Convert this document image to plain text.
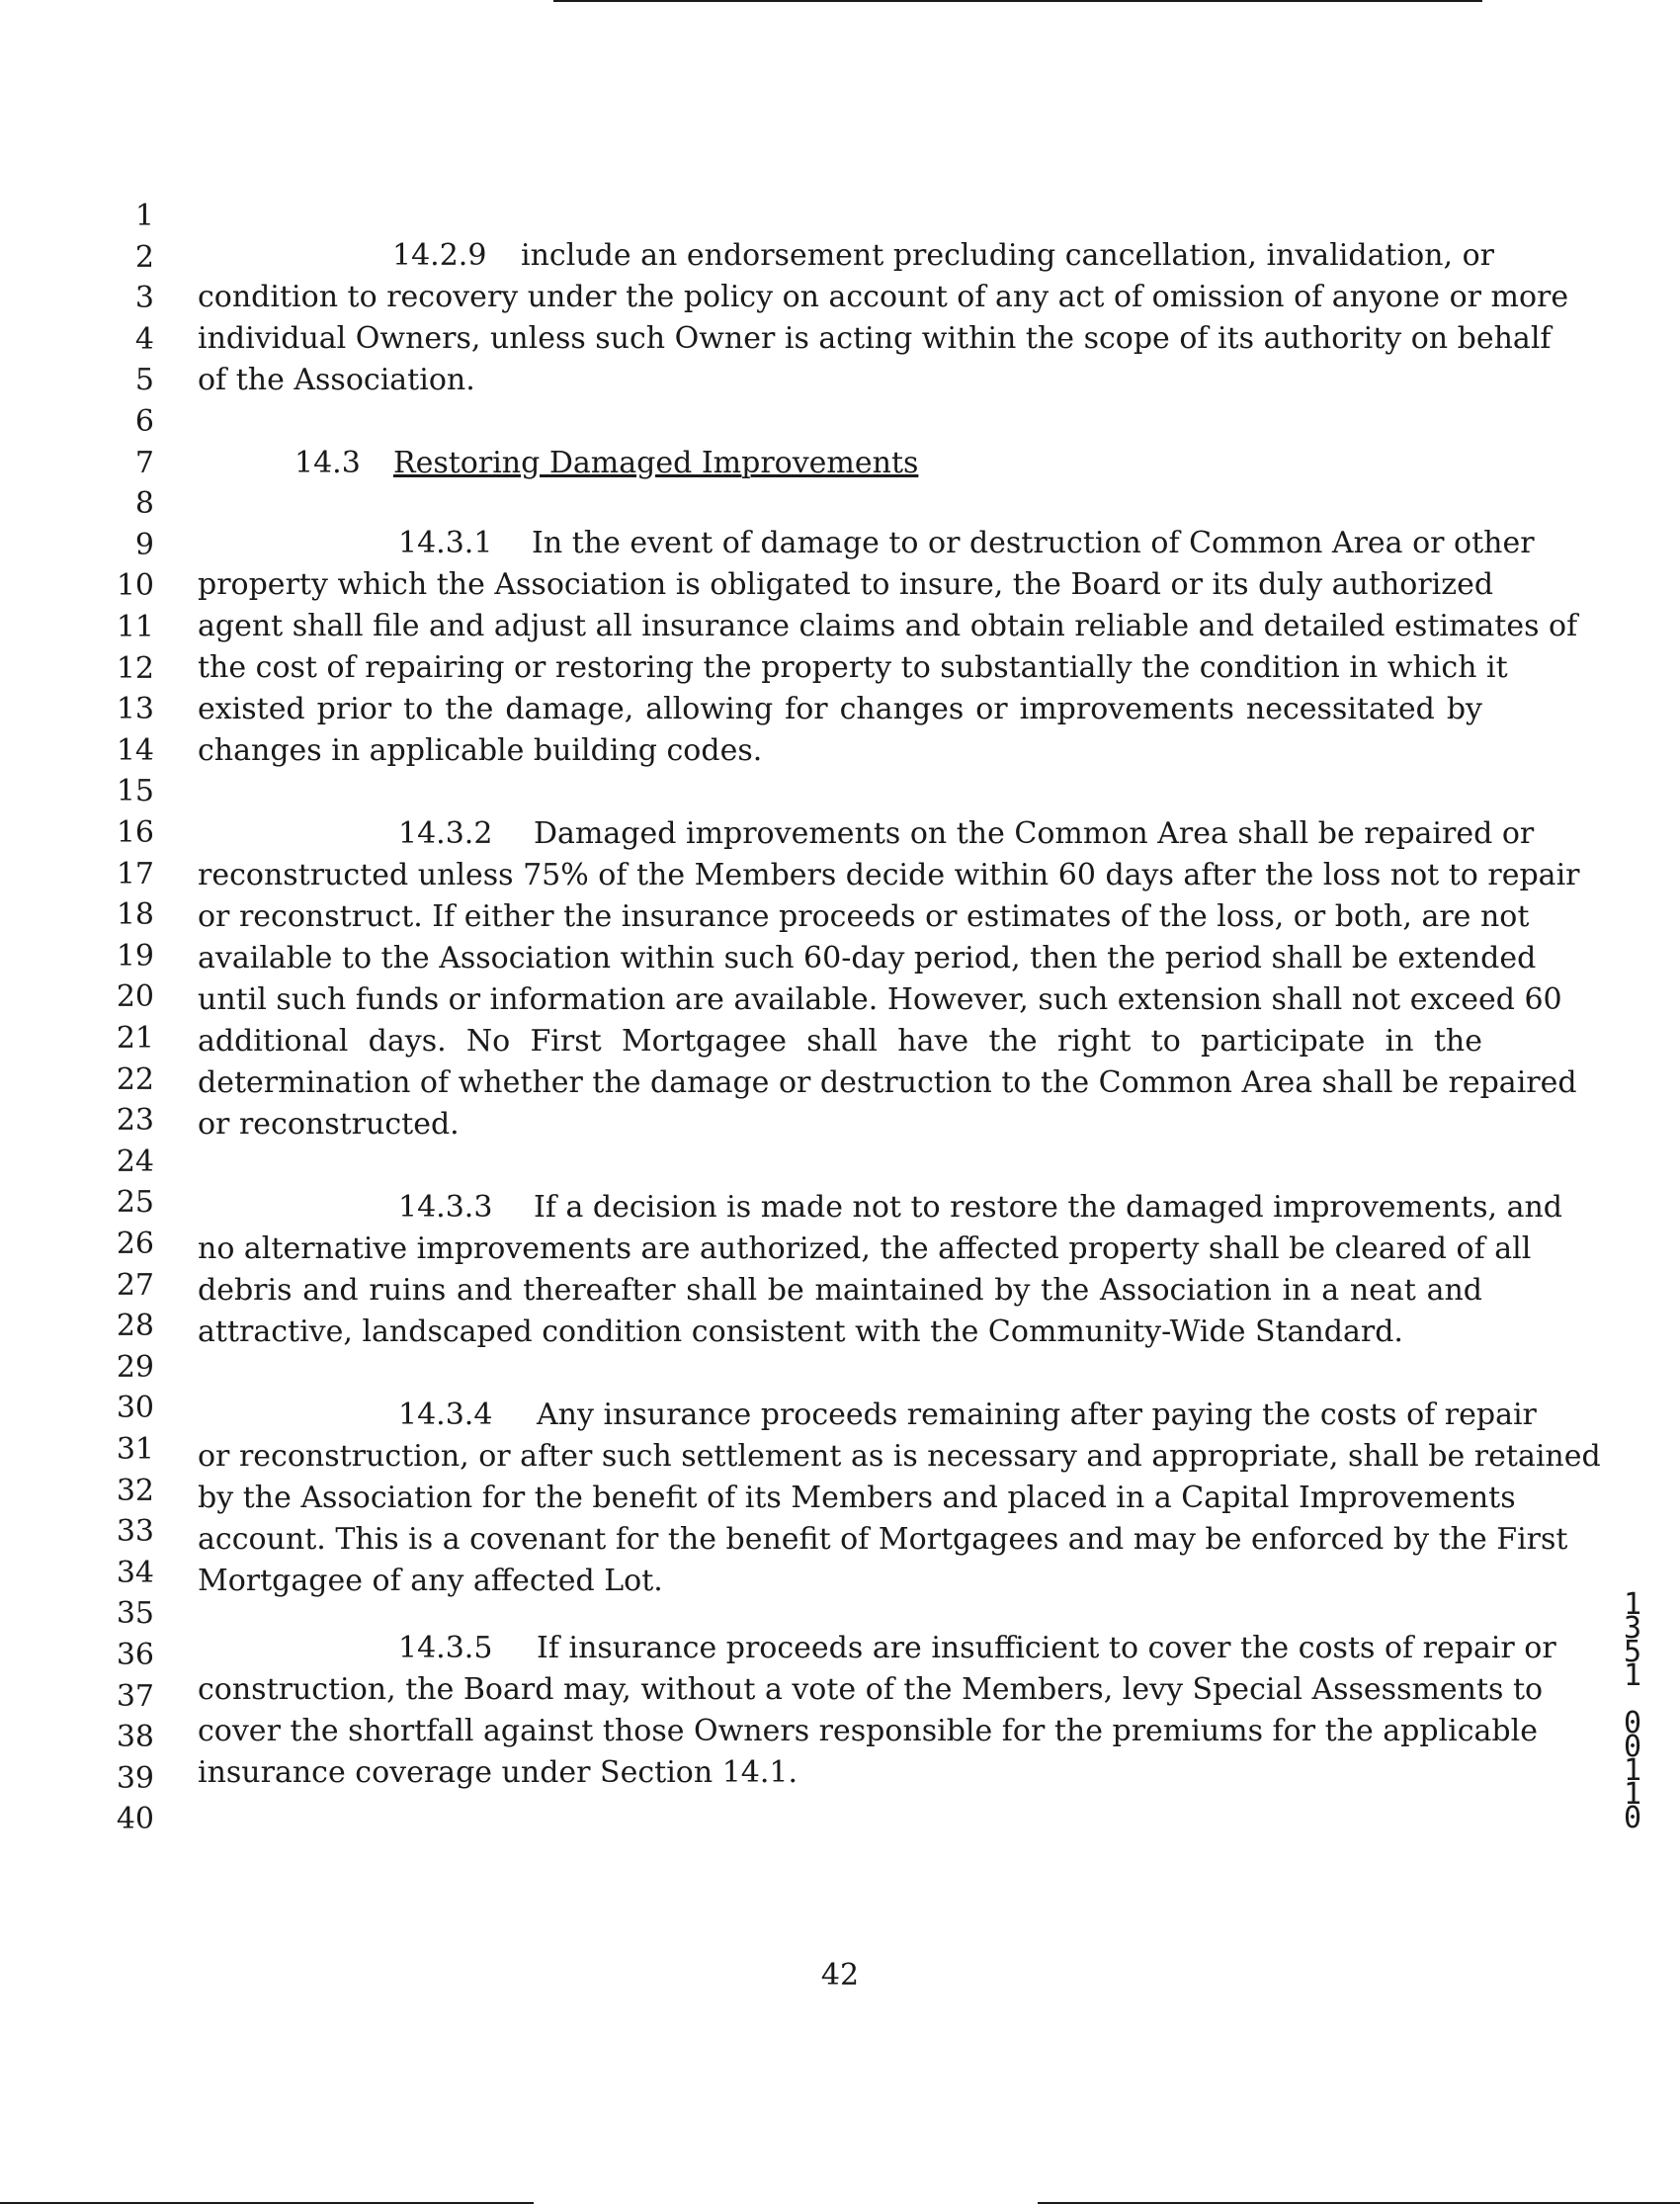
1
2
3
4
5
6
7
8
9
10
11
12
13
14
15
16
17
18
19
20
21
22
23
24
25
26
27
28
29
30
31
32
33
34
35
36
37
38
39
40
14.2.9 include an endorsement precluding cancellation, invalidation, or
condition to recovery under the policy on account of any act of omission of anyone or more
individual Owners, unless such Owner is acting within the scope of its authority on behalf
of the Association.
14.3 Restoring Damaged Improvements
14.3.1 In the event of damage to or destruction of Common Area or other
property which the Association is obligated to insure, the Board or its duly authorized
agent shall file and adjust all insurance claims and obtain reliable and detailed estimates of
the cost of repairing or restoring the property to substantially the condition in which it
existed prior to the damage, allowing for changes or improvements necessitated by
changes in applicable building codes.
14.3.2 Damaged improvements on the Common Area shall be repaired or
reconstructed unless 75% of the Members decide within 60 days after the loss not to repair
or reconstruct. If either the insurance proceeds or estimates of the loss, or both, are not
available to the Association within such 60-day period, then the period shall be extended
until such funds or information are available. However, such extension shall not exceed 60
additional days. No First Mortgagee shall have the right to participate in the
determination of whether the damage or destruction to the Common Area shall be repaired
or reconstructed.
14.3.3 If a decision is made not to restore the damaged improvements, and
no alternative improvements are authorized, the affected property shall be cleared of all
debris and ruins and thereafter shall be maintained by the Association in a neat and
attractive, landscaped condition consistent with the Community-Wide Standard.
14.3.4 Any insurance proceeds remaining after paying the costs of repair
or reconstruction, or after such settlement as is necessary and appropriate, shall be retained
by the Association for the benefit of its Members and placed in a Capital Improvements
account. This is a covenant for the benefit of Mortgagees and may be enforced by the First
Mortgagee of any affected Lot.
14.3.5 If insurance proceeds are insufficient to cover the costs of repair or
construction, the Board may, without a vote of the Members, levy Special Assessments to
cover the shortfall against those Owners responsible for the premiums for the applicable
insurance coverage under Section 14.1.
42
1
3
5
1

0
0
1
1
0
